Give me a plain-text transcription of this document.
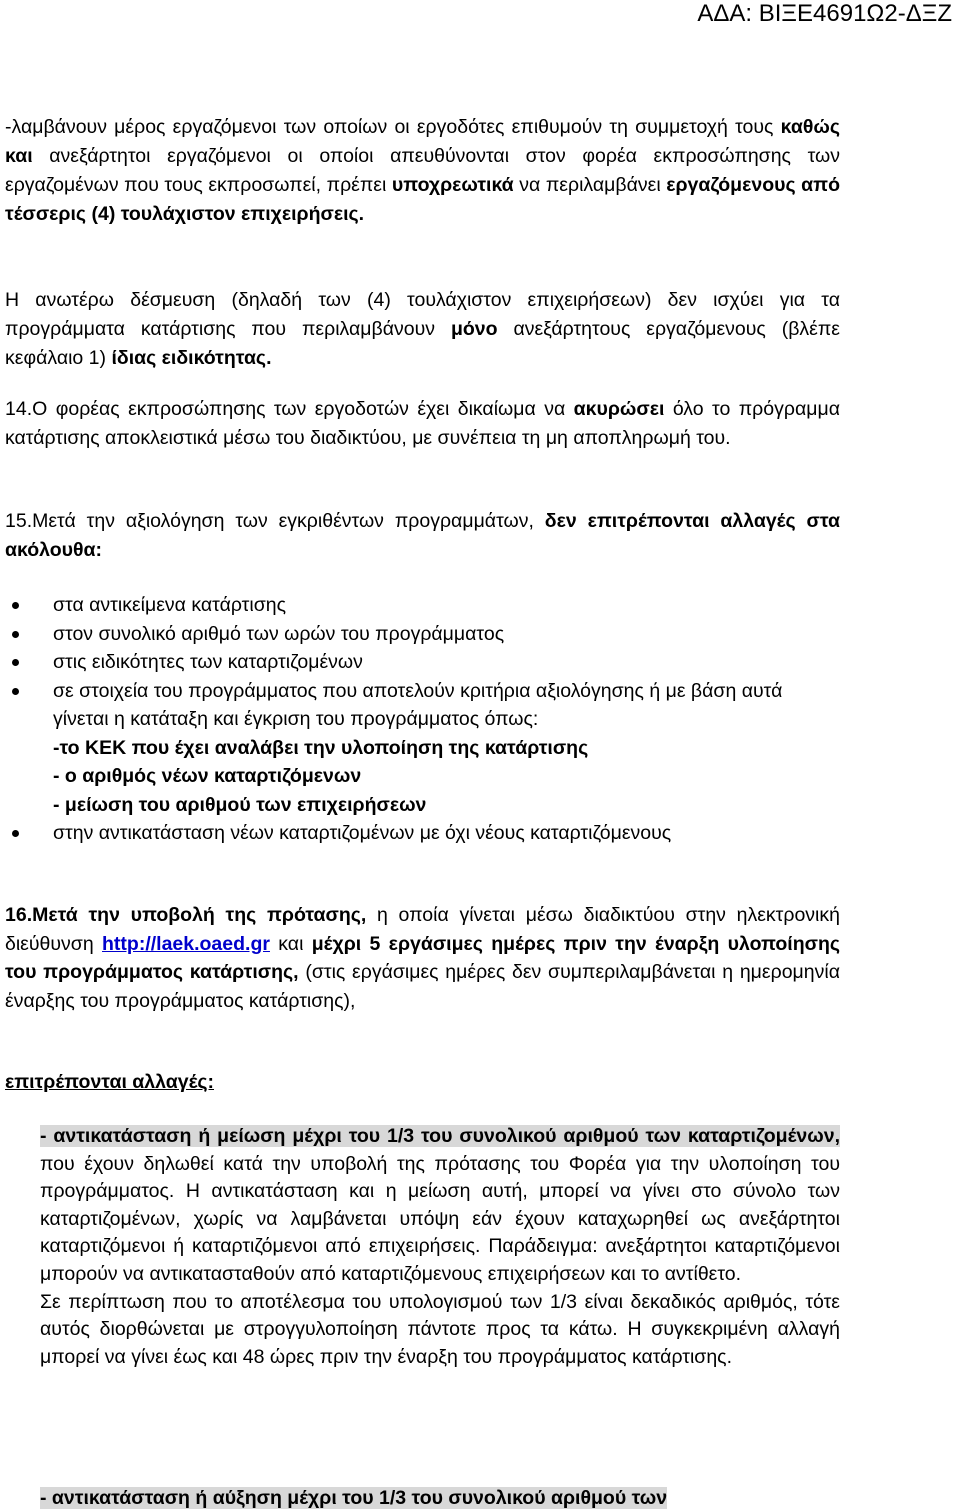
ΑΔΑ: ΒΙΞΕ4691Ω2-ΔΞΖ

-λαμβάνουν μέρος εργαζόμενοι των οποίων οι εργοδότες επιθυμούν τη συμμετοχή τους καθώς και ανεξάρτητοι εργαζόμενοι οι οποίοι απευθύνονται στον φορέα εκπροσώπησης των εργαζομένων που τους εκπροσωπεί, πρέπει υποχρεωτικά να περιλαμβάνει εργαζόμενους από τέσσερις (4) τουλάχιστον επιχειρήσεις.

Η ανωτέρω δέσμευση (δηλαδή των (4) τουλάχιστον επιχειρήσεων) δεν ισχύει για τα προγράμματα κατάρτισης που περιλαμβάνουν μόνο ανεξάρτητους εργαζόμενους (βλέπε κεφάλαιο 1) ίδιας ειδικότητας.

14.Ο φορέας εκπροσώπησης των εργοδοτών έχει δικαίωμα να ακυρώσει όλο το πρόγραμμα κατάρτισης αποκλειστικά μέσω του διαδικτύου, με συνέπεια τη μη αποπληρωμή του.

15.Μετά την αξιολόγηση των εγκριθέντων προγραμμάτων, δεν επιτρέπονται αλλαγές στα ακόλουθα:

στα αντικείμενα κατάρτισης
στον συνολικό αριθμό των ωρών του προγράμματος
στις ειδικότητες των καταρτιζομένων
σε στοιχεία του προγράμματος που αποτελούν κριτήρια αξιολόγησης ή με βάση αυτά γίνεται η κατάταξη και έγκριση του προγράμματος όπως:
-το ΚΕΚ που έχει αναλάβει την υλοποίηση της κατάρτισης
- ο αριθμός νέων καταρτιζόμενων
- μείωση του αριθμού των επιχειρήσεων
στην αντικατάσταση νέων καταρτιζομένων με όχι νέους καταρτιζόμενους

16.Μετά την υποβολή της πρότασης, η οποία γίνεται μέσω διαδικτύου στην ηλεκτρονική διεύθυνση http://laek.oaed.gr και μέχρι 5 εργάσιμες ημέρες πριν την έναρξη υλοποίησης του προγράμματος κατάρτισης, (στις εργάσιμες ημέρες δεν συμπεριλαμβάνεται η ημερομηνία έναρξης του προγράμματος κατάρτισης),

επιτρέπονται αλλαγές:

- αντικατάσταση ή μείωση μέχρι του 1/3 του συνολικού αριθμού των καταρτιζομένων, που έχουν δηλωθεί κατά την υποβολή της πρότασης του Φορέα για την υλοποίηση του προγράμματος. Η αντικατάσταση και η μείωση αυτή, μπορεί να γίνει στο σύνολο των καταρτιζομένων, χωρίς να λαμβάνεται υπόψη εάν έχουν καταχωρηθεί ως ανεξάρτητοι καταρτιζόμενοι ή καταρτιζόμενοι από επιχειρήσεις. Παράδειγμα: ανεξάρτητοι καταρτιζόμενοι μπορούν να αντικατασταθούν από καταρτιζόμενους επιχειρήσεων και το αντίθετο.

Σε περίπτωση που το αποτέλεσμα του υπολογισμού των 1/3 είναι δεκαδικός αριθμός, τότε αυτός διορθώνεται με στρογγυλοποίηση πάντοτε προς τα κάτω. Η συγκεκριμένη αλλαγή μπορεί να γίνει έως και 48 ώρες πριν την έναρξη του προγράμματος κατάρτισης.

- αντικατάσταση ή αύξηση μέχρι του 1/3 του συνολικού αριθμού των
